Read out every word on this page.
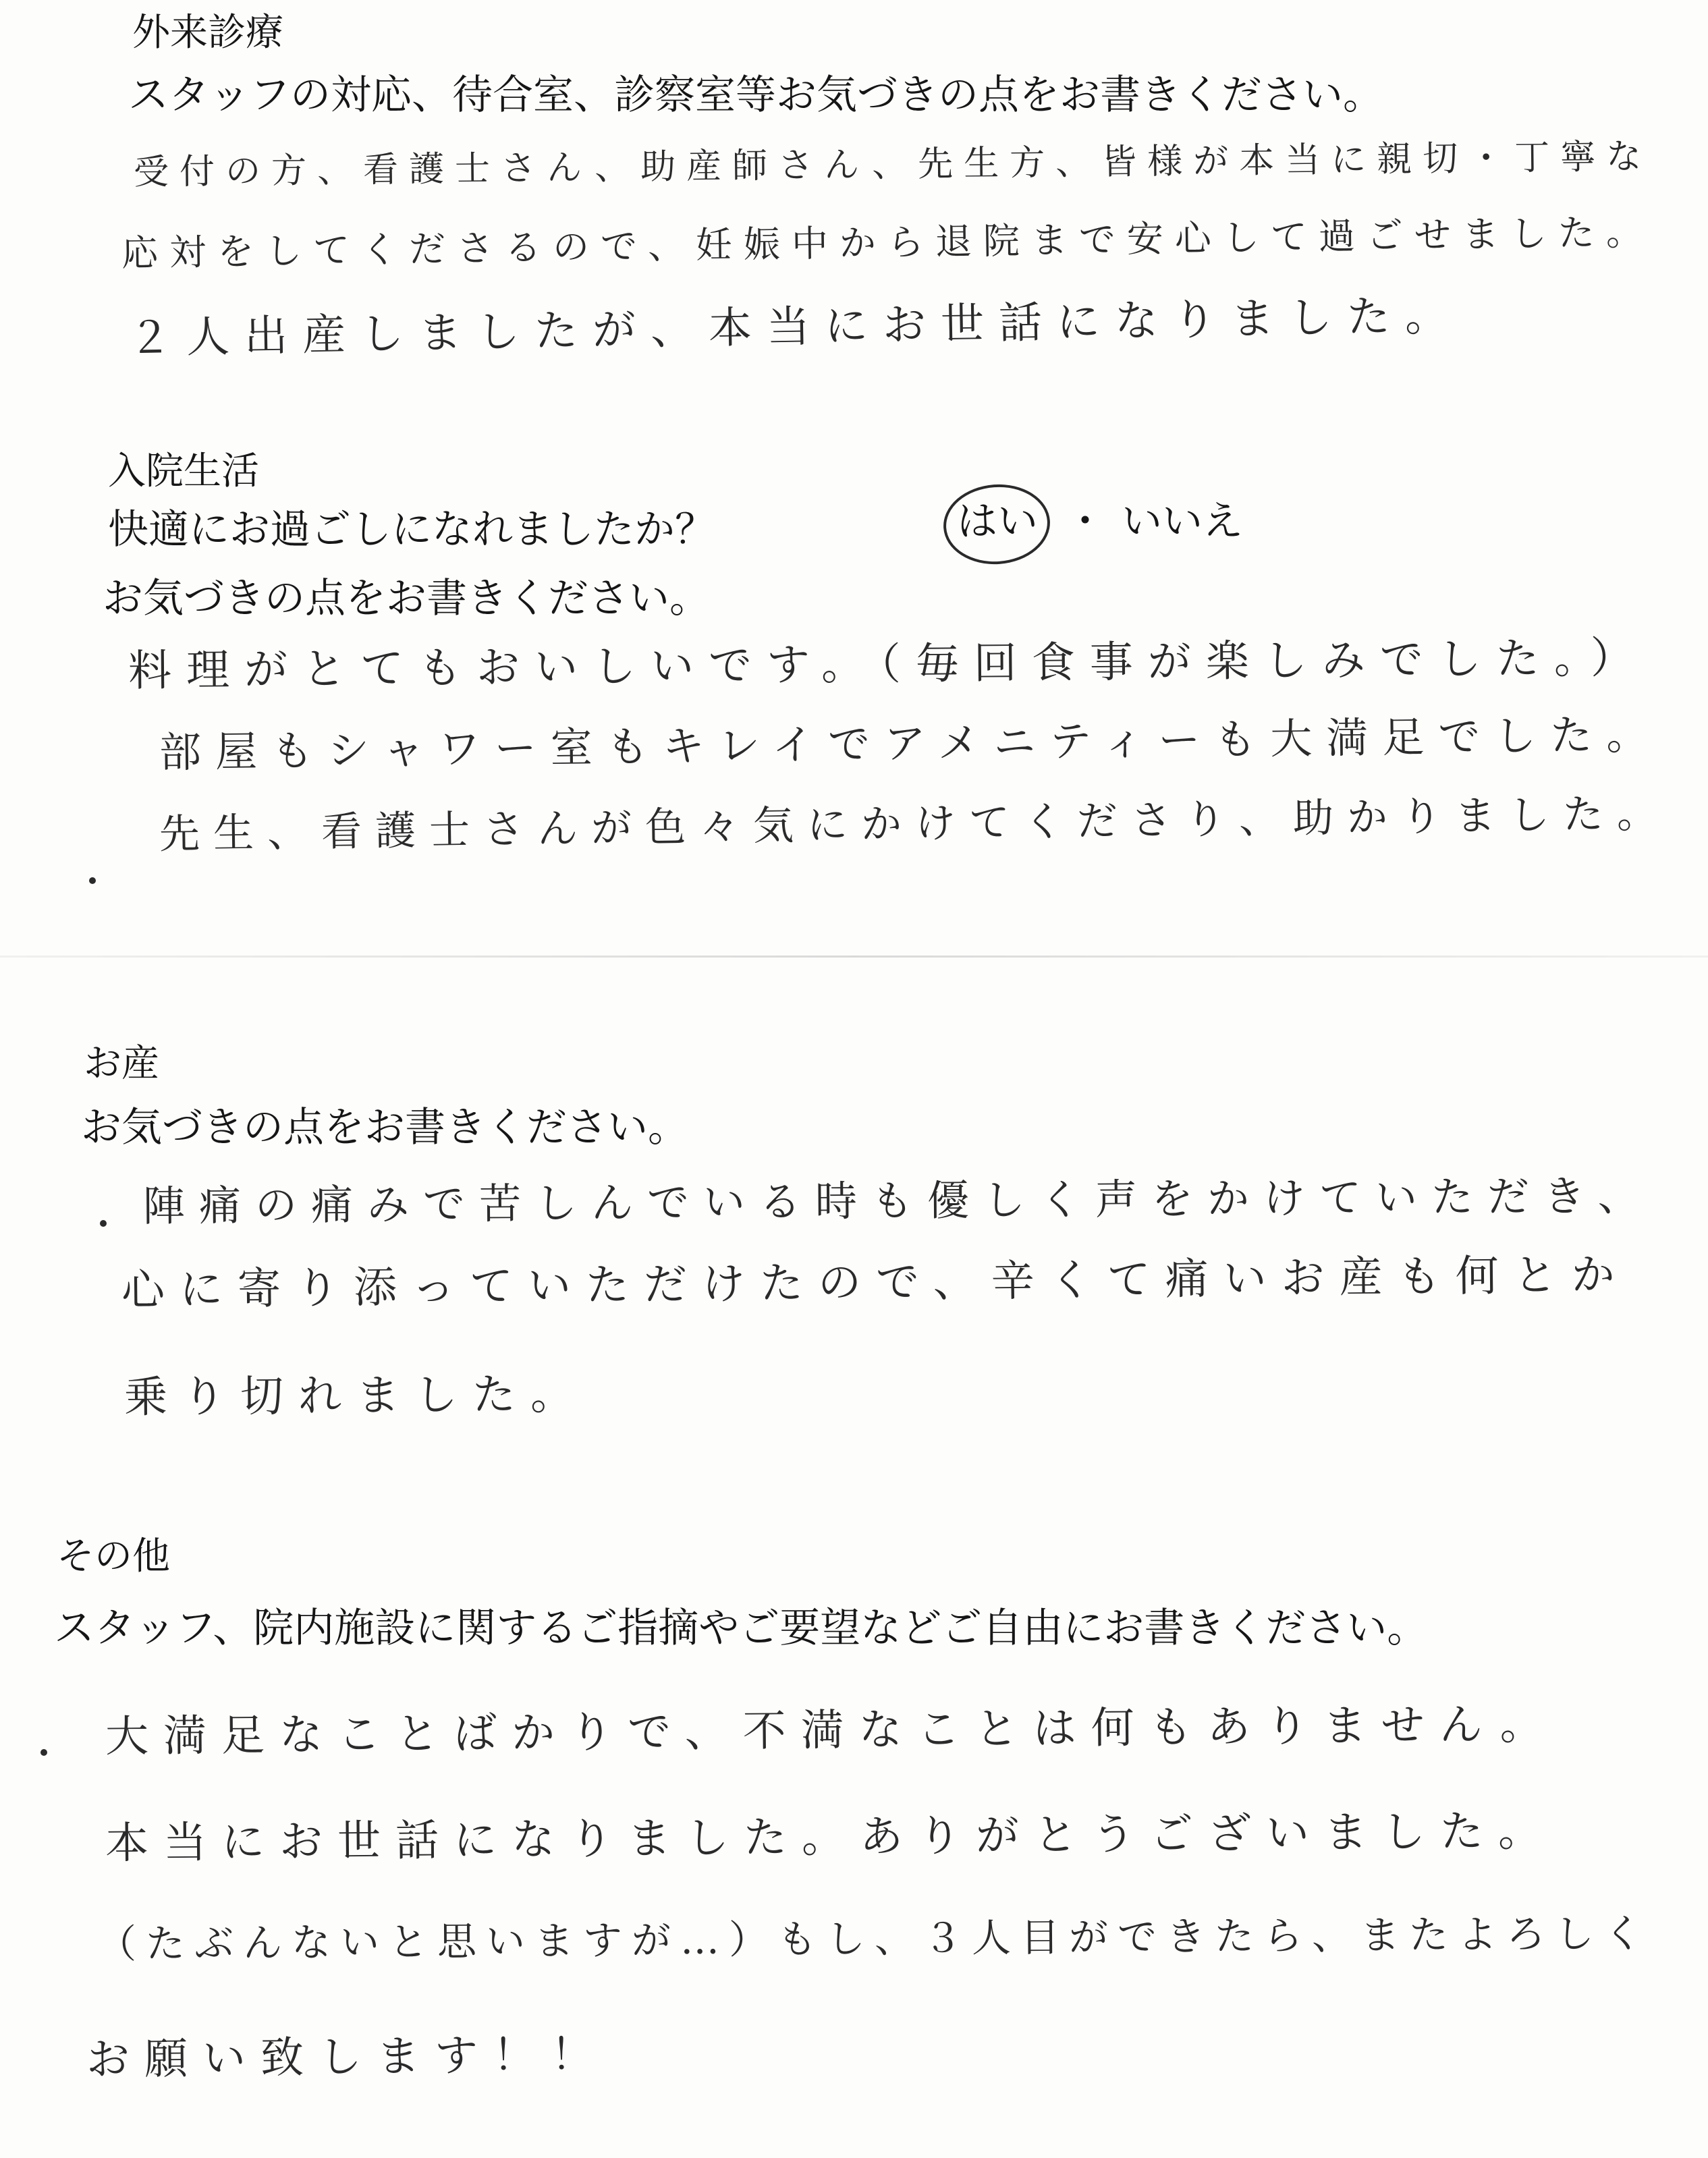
外来診療
スタッフの対応、待合室、診察室等お気づきの点をお書きください。
受付の方、看護士さん、助産師さん、先生方、皆様が本当に親切・丁寧な
応対をしてくださるので、妊娠中から退院まで安心して過ごせました。
２人出産しましたが、本当にお世話になりました。
入院生活
快適にお過ごしになれましたか？	はい ・ いいえ
お気づきの点をお書きください。
料理がとてもおいしいです。（毎回食事が楽しみでした。）
部屋もシャワー室もキレイでアメニティーも大満足でした。
先生、看護士さんが色々気にかけてくださり、助かりました。
お産
お気づきの点をお書きください。
陣痛の痛みで苦しんでいる時も優しく声をかけていただき、
心に寄り添っていただけたので、辛くて痛いお産も何とか
乗り切れました。
その他
スタッフ、院内施設に関するご指摘やご要望などご自由にお書きください。
大満足なことばかりで、不満なことは何もありません。
本当にお世話になりました。ありがとうございました。
（たぶんないと思いますが…）もし、３人目ができたら、またよろしく
お願い致します！！
